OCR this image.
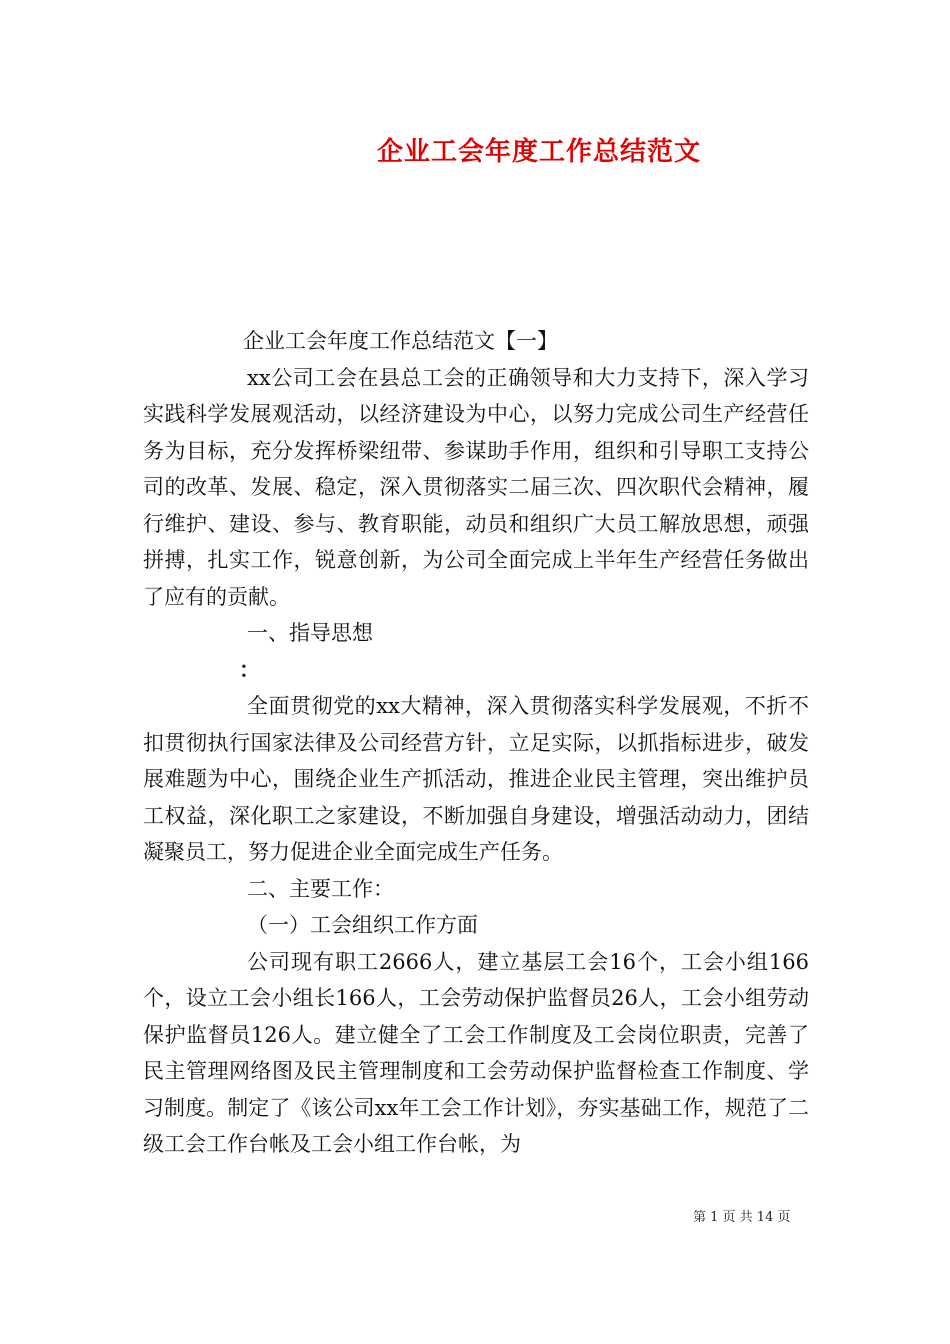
企业工会年度工作总结范文

企业工会年度工作总结范文【一】

xx公司工会在县总工会的正确领导和大力支持下，深入学习实践科学发展观活动，以经济建设为中心，以努力完成公司生产经营任务为目标，充分发挥桥梁纽带、参谋助手作用，组织和引导职工支持公司的改革、发展、稳定，深入贯彻落实二届三次、四次职代会精神，履行维护、建设、参与、教育职能，动员和组织广大员工解放思想，顽强拼搏，扎实工作，锐意创新，为公司全面完成上半年生产经营任务做出了应有的贡献。

一、指导思想

：

全面贯彻党的xx大精神，深入贯彻落实科学发展观，不折不扣贯彻执行国家法律及公司经营方针，立足实际，以抓指标进步，破发展难题为中心，围绕企业生产抓活动，推进企业民主管理，突出维护员工权益，深化职工之家建设，不断加强自身建设，增强活动动力，团结凝聚员工，努力促进企业全面完成生产任务。

二、主要工作：

（一）工会组织工作方面

公司现有职工2666人，建立基层工会16个，工会小组166个，设立工会小组长166人，工会劳动保护监督员26人，工会小组劳动保护监督员126人。建立健全了工会工作制度及工会岗位职责，完善了民主管理网络图及民主管理制度和工会劳动保护监督检查工作制度、学习制度。制定了《该公司xx年工会工作计划》，夯实基础工作，规范了二级工会工作台帐及工会小组工作台帐，为

第 1 页 共 14 页
